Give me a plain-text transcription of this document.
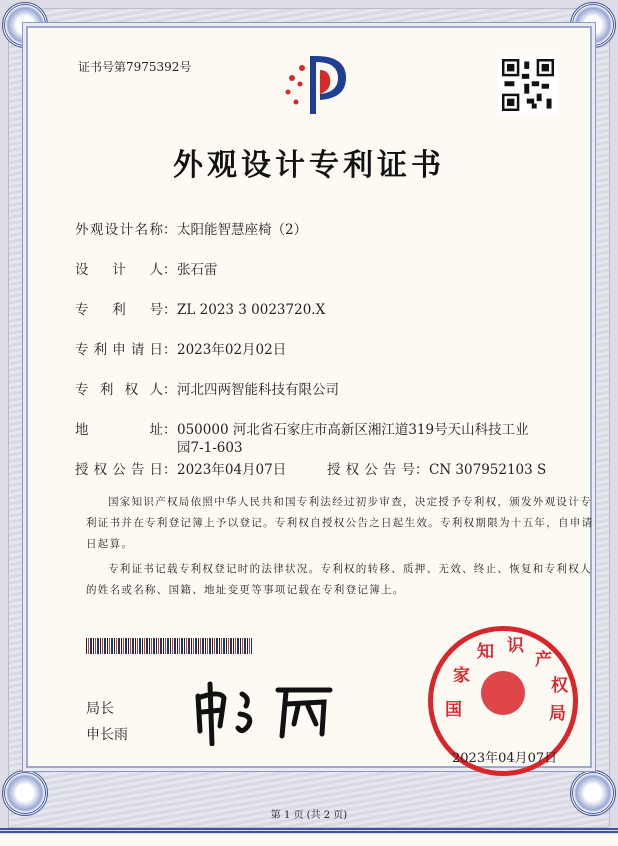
证书号第7975392号
外观设计专利证书
外观设计名称 ： 太阳能智慧座椅（2）
设计人 ： 张石雷
专利号 ： ZL 2023 3 0023720.X
专利申请日 ： 2023年02月02日
专利权人 ： 河北四两智能科技有限公司
地址 ： 050000 河北省石家庄市高新区湘江道319号天山科技工业
园7-1-603
授权公告日 ： 2023年04月07日	授权公告号 ： CN 307952103 S
国家知识产权局依照中华人民共和国专利法经过初步审查，决定授予专利权，颁发外观设计专利证书并在专利登记簿上予以登记。专利权自授权公告之日起生效。专利权期限为十五年，自申请日起算。
专利证书记载专利权登记时的法律状况。专利权的转移、质押、无效、终止、恢复和专利权人的姓名或名称、国籍、地址变更等事项记载在专利登记簿上。
局长
申长雨
国
家
知 识
产
权
局
2023年04月07日
第 1 页 (共 2 页)
